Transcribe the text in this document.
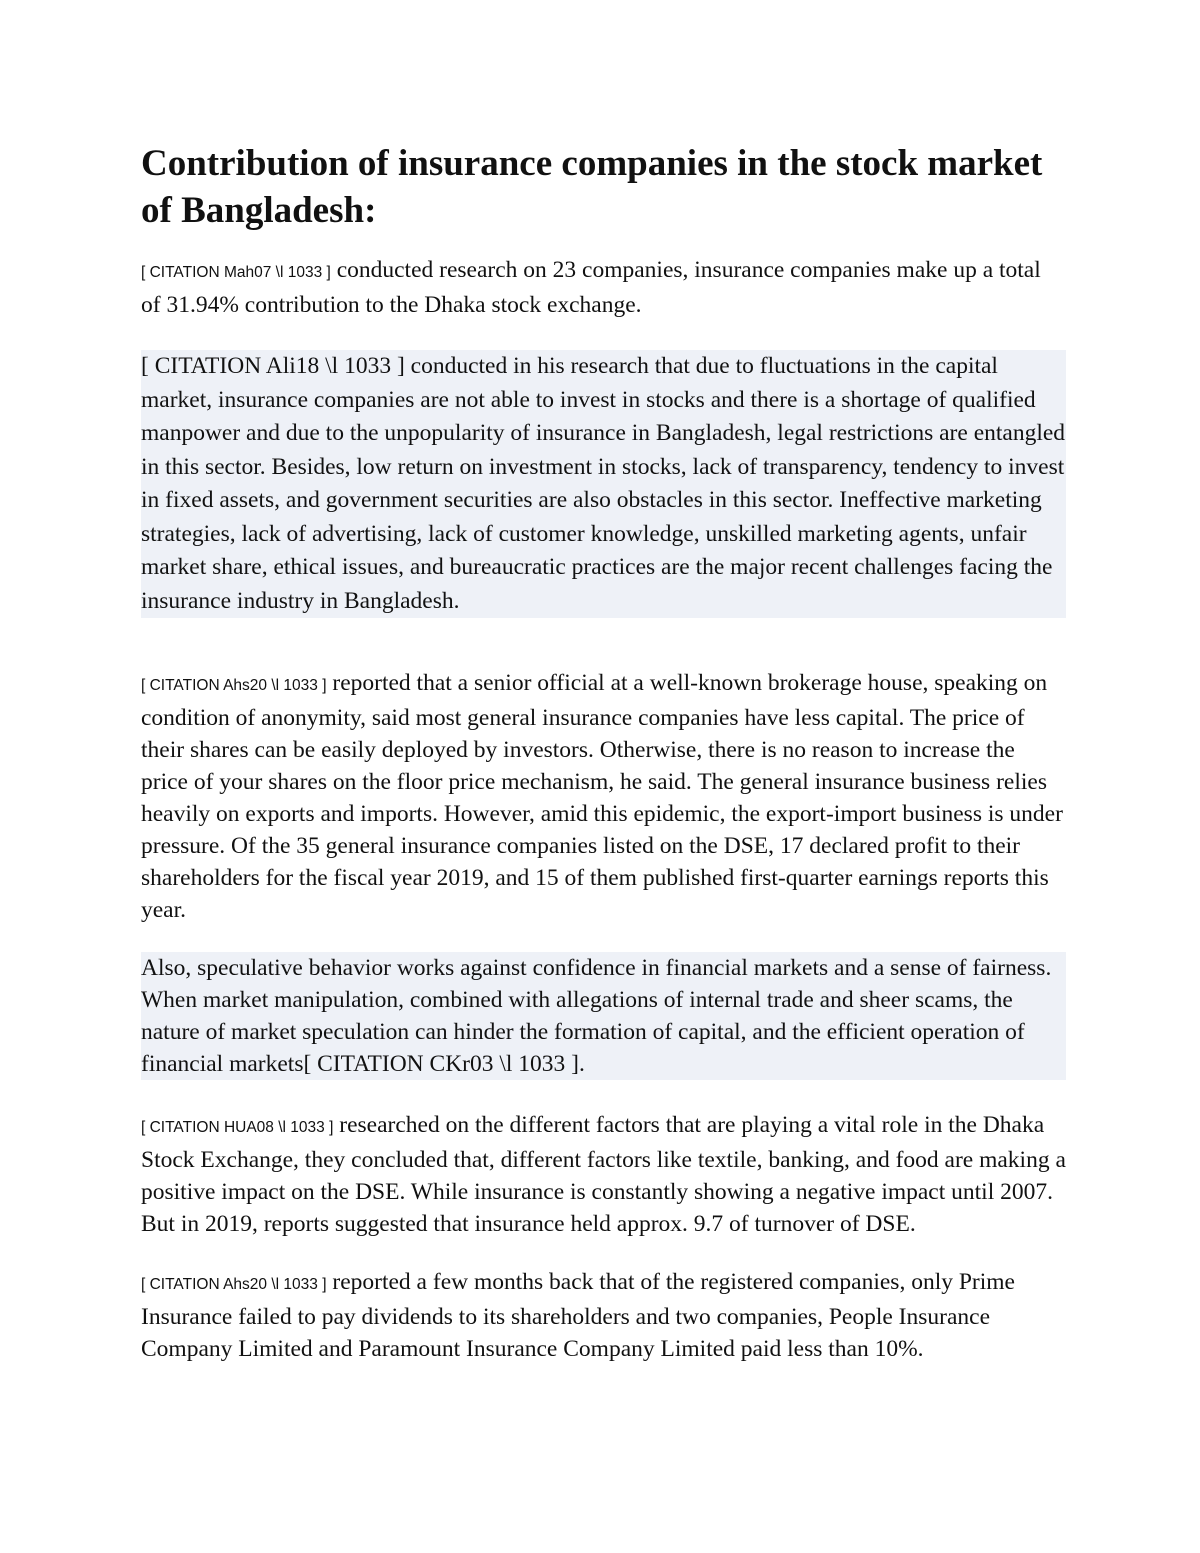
Contribution of insurance companies in the stock market of Bangladesh:

[ CITATION Mah07 \l 1033 ] conducted research on 23 companies, insurance companies make up a total of 31.94% contribution to the Dhaka stock exchange.

[ CITATION Ali18 \l 1033 ] conducted in his research that due to fluctuations in the capital market, insurance companies are not able to invest in stocks and there is a shortage of qualified manpower and due to the unpopularity of insurance in Bangladesh, legal restrictions are entangled in this sector. Besides, low return on investment in stocks, lack of transparency, tendency to invest in fixed assets, and government securities are also obstacles in this sector. Ineffective marketing strategies, lack of advertising, lack of customer knowledge, unskilled marketing agents, unfair market share, ethical issues, and bureaucratic practices are the major recent challenges facing the insurance industry in Bangladesh.

[ CITATION Ahs20 \l 1033 ] reported that a senior official at a well-known brokerage house, speaking on condition of anonymity, said most general insurance companies have less capital. The price of their shares can be easily deployed by investors. Otherwise, there is no reason to increase the price of your shares on the floor price mechanism, he said. The general insurance business relies heavily on exports and imports. However, amid this epidemic, the export-import business is under pressure. Of the 35 general insurance companies listed on the DSE, 17 declared profit to their shareholders for the fiscal year 2019, and 15 of them published first-quarter earnings reports this year.

Also, speculative behavior works against confidence in financial markets and a sense of fairness. When market manipulation, combined with allegations of internal trade and sheer scams, the nature of market speculation can hinder the formation of capital, and the efficient operation of financial markets[ CITATION CKr03 \l 1033 ].

[ CITATION HUA08 \l 1033 ] researched on the different factors that are playing a vital role in the Dhaka Stock Exchange, they concluded that, different factors like textile, banking, and food are making a positive impact on the DSE. While insurance is constantly showing a negative impact until 2007. But in 2019, reports suggested that insurance held approx. 9.7 of turnover of DSE.

[ CITATION Ahs20 \l 1033 ] reported a few months back that of the registered companies, only Prime Insurance failed to pay dividends to its shareholders and two companies, People Insurance Company Limited and Paramount Insurance Company Limited paid less than 10%.
